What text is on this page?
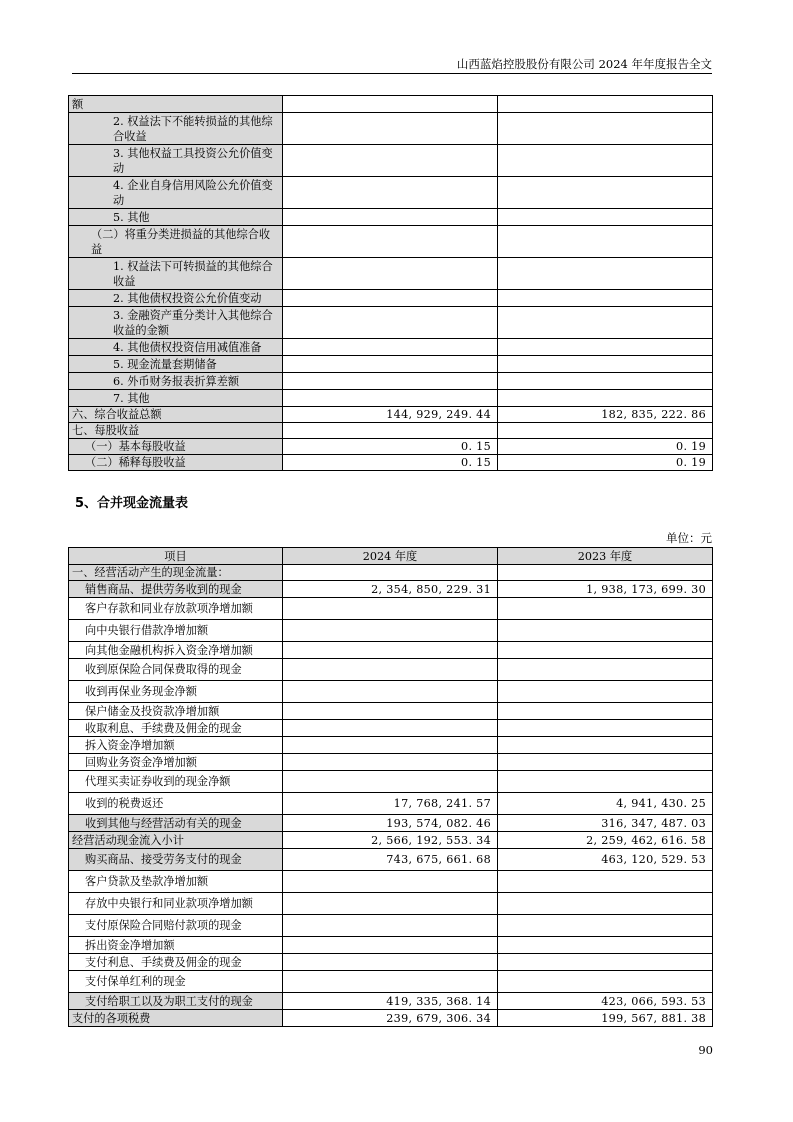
山西蓝焰控股股份有限公司 2024 年年度报告全文
额		
2. 权益法下不能转损益的其他综合收益		
3. 其他权益工具投资公允价值变动		
4. 企业自身信用风险公允价值变动		
5. 其他		
（二）将重分类进损益的其他综合收益		
1. 权益法下可转损益的其他综合收益		
2. 其他债权投资公允价值变动		
3. 金融资产重分类计入其他综合收益的金额		
4. 其他债权投资信用减值准备		
5. 现金流量套期储备		
6. 外币财务报表折算差额		
7. 其他		
六、综合收益总额	144, 929, 249. 44	182, 835, 222. 86
七、每股收益		
（一）基本每股收益	0. 15	0. 19
（二）稀释每股收益	0. 15	0. 19
5、合并现金流量表
单位：元
项目	2024 年度	2023 年度
一、经营活动产生的现金流量：		
销售商品、提供劳务收到的现金	2, 354, 850, 229. 31	1, 938, 173, 699. 30
客户存款和同业存放款项净增加额		
向中央银行借款净增加额		
向其他金融机构拆入资金净增加额		
收到原保险合同保费取得的现金		
收到再保业务现金净额		
保户储金及投资款净增加额		
收取利息、手续费及佣金的现金		
拆入资金净增加额		
回购业务资金净增加额		
代理买卖证券收到的现金净额		
收到的税费返还	17, 768, 241. 57	4, 941, 430. 25
收到其他与经营活动有关的现金	193, 574, 082. 46	316, 347, 487. 03
经营活动现金流入小计	2, 566, 192, 553. 34	2, 259, 462, 616. 58
购买商品、接受劳务支付的现金	743, 675, 661. 68	463, 120, 529. 53
客户贷款及垫款净增加额		
存放中央银行和同业款项净增加额		
支付原保险合同赔付款项的现金		
拆出资金净增加额		
支付利息、手续费及佣金的现金		
支付保单红利的现金		
支付给职工以及为职工支付的现金	419, 335, 368. 14	423, 066, 593. 53
支付的各项税费	239, 679, 306. 34	199, 567, 881. 38
90
